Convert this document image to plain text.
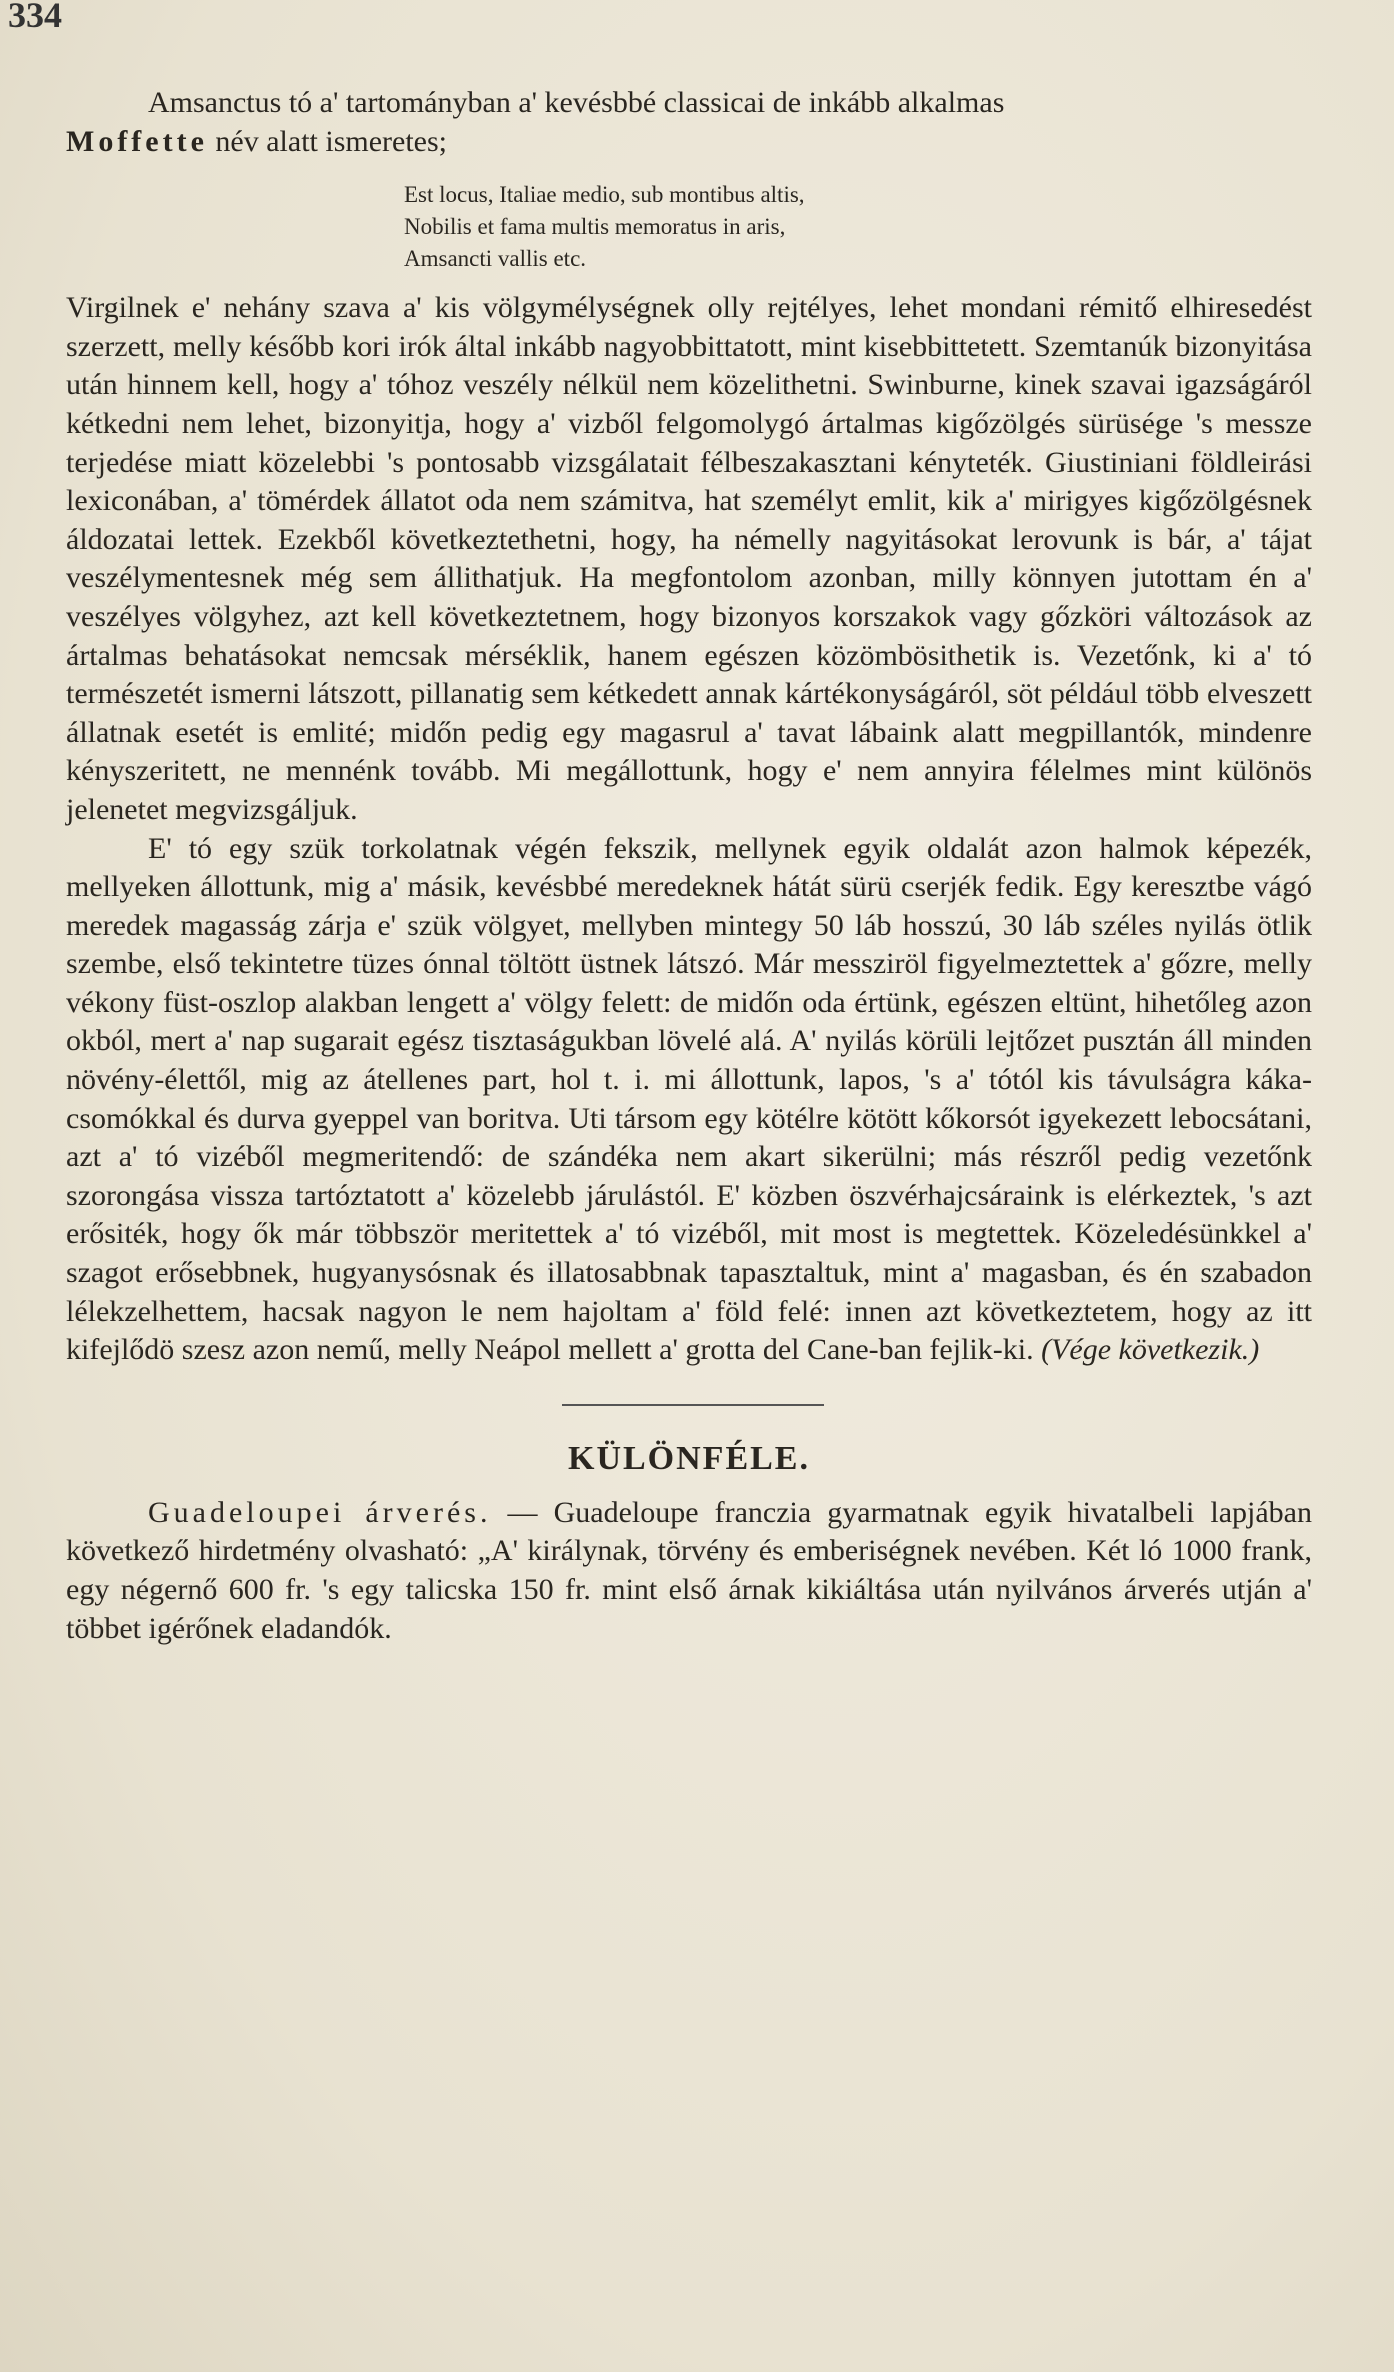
334

Amsanctus tó a' tartományban a' kevésbbé classicai de inkább alkalmas
Moffette név alatt ismeretes;

Est locus, Italiae medio, sub montibus altis,
Nobilis et fama multis memoratus in aris,
Amsancti vallis etc.

Virgilnek e' nehány szava a' kis völgymélységnek olly rejtélyes, lehet mondani rémitő elhiresedést szerzett, melly később kori irók által inkább nagyobbittatott, mint kisebbittetett. Szemtanúk bizonyitása után hinnem kell, hogy a' tóhoz veszély nélkül nem közelithetni. Swinburne, kinek szavai igazságáról kétkedni nem lehet, bizonyitja, hogy a' vizből felgomolygó ártalmas kigőzölgés sürüsége 's messze terjedése miatt közelebbi 's pontosabb vizsgálatait félbeszakasztani kényteték. Giustiniani földleirási lexiconában, a' tömérdek állatot oda nem számitva, hat személyt emlit, kik a' mirigyes kigőzölgésnek áldozatai lettek. Ezekből következtethetni, hogy, ha némelly nagyitásokat lerovunk is bár, a' tájat veszélymentesnek még sem állithatjuk. Ha megfontolom azonban, milly könnyen jutottam én a' veszélyes völgyhez, azt kell következtetnem, hogy bizonyos korszakok vagy gőzköri változások az ártalmas behatásokat nemcsak mérséklik, hanem egészen közömbösithetik is. Vezetőnk, ki a' tó természetét ismerni látszott, pillanatig sem kétkedett annak kártékonyságáról, söt például több elveszett állatnak esetét is emlité; midőn pedig egy magasrul a' tavat lábaink alatt megpillantók, mindenre kényszeritett, ne mennénk tovább. Mi megállottunk, hogy e' nem annyira félelmes mint különös jelenetet megvizsgáljuk.

E' tó egy szük torkolatnak végén fekszik, mellynek egyik oldalát azon halmok képezék, mellyeken állottunk, mig a' másik, kevésbbé meredeknek hátát sürü cserjék fedik. Egy keresztbe vágó meredek magasság zárja e' szük völgyet, mellyben mintegy 50 láb hosszú, 30 láb széles nyilás ötlik szembe, első tekintetre tüzes ónnal töltött üstnek látszó. Már messziröl figyelmeztettek a' gőzre, melly vékony füst-oszlop alakban lengett a' völgy felett: de midőn oda értünk, egészen eltünt, hihetőleg azon okból, mert a' nap sugarait egész tisztaságukban lövelé alá. A' nyilás körüli lejtőzet pusztán áll minden növény-élettől, mig az átellenes part, hol t. i. mi állottunk, lapos, 's a' tótól kis távulságra káka-csomókkal és durva gyeppel van boritva. Uti társom egy kötélre kötött kőkorsót igyekezett lebocsátani, azt a' tó vizéből megmeritendő: de szándéka nem akart sikerülni; más részről pedig vezetőnk szorongása vissza tartóztatott a' közelebb járulástól. E' közben öszvérhajcsáraink is elérkeztek, 's azt erősiték, hogy ők már többször meritettek a' tó vizéből, mit most is megtettek. Közeledésünkkel a' szagot erősebbnek, hugyanysósnak és illatosabbnak tapasztaltuk, mint a' magasban, és én szabadon lélekzelhettem, hacsak nagyon le nem hajoltam a' föld felé: innen azt következtetem, hogy az itt kifejlődö szesz azon nemű, melly Neápol mellett a' grotta del Cane-ban fejlik-ki. (Vége következik.)

KÜLÖNFÉLE.

Guadeloupei árverés. — Guadeloupe franczia gyarmatnak egyik hivatalbeli lapjában következő hirdetmény olvasható: „A' királynak, törvény és emberiségnek nevében. Két ló 1000 frank, egy négernő 600 fr. 's egy talicska 150 fr. mint első árnak kikiáltása után nyilvános árverés utján a' többet igérőnek eladandók.
